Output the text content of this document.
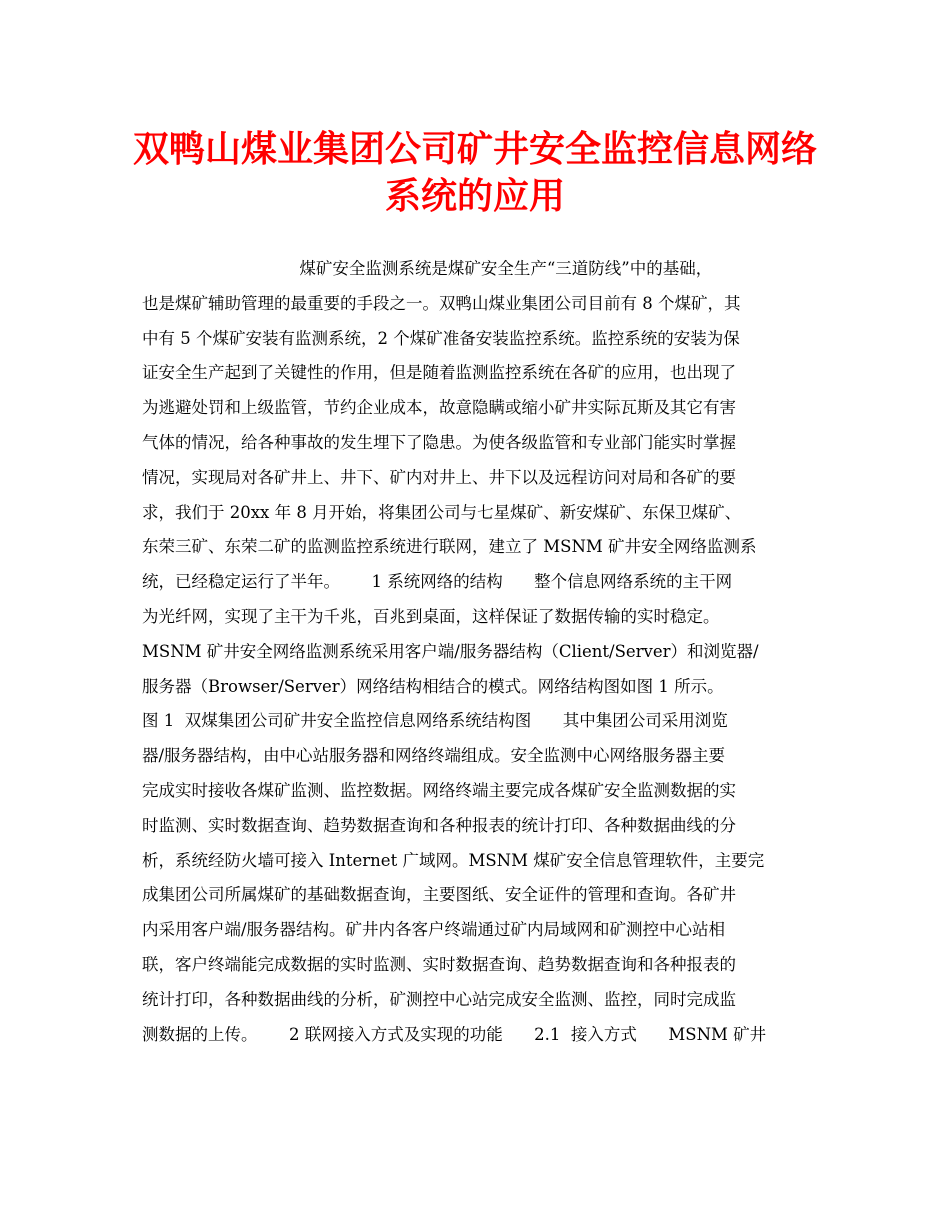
双鸭山煤业集团公司矿井安全监控信息网络
系统的应用
煤矿安全监测系统是煤矿安全生产“三道防线”中的基础，
也是煤矿辅助管理的最重要的手段之一。双鸭山煤业集团公司目前有 8 个煤矿，其
中有 5 个煤矿安装有监测系统，2 个煤矿准备安装监控系统。监控系统的安装为保
证安全生产起到了关键性的作用，但是随着监测监控系统在各矿的应用，也出现了
为逃避处罚和上级监管，节约企业成本，故意隐瞒或缩小矿井实际瓦斯及其它有害
气体的情况，给各种事故的发生埋下了隐患。为使各级监管和专业部门能实时掌握
情况，实现局对各矿井上、井下、矿内对井上、井下以及远程访问对局和各矿的要
求，我们于 20xx 年 8 月开始，将集团公司与七星煤矿、新安煤矿、东保卫煤矿、
东荣三矿、东荣二矿的监测监控系统进行联网，建立了 MSNM 矿井安全网络监测系
统，已经稳定运行了半年。      1 系统网络的结构      整个信息网络系统的主干网
为光纤网，实现了主干为千兆，百兆到桌面，这样保证了数据传输的实时稳定。
MSNM 矿井安全网络监测系统采用客户端/服务器结构（Client/Server）和浏览器/
服务器（Browser/Server）网络结构相结合的模式。网络结构图如图 1 所示。
图 1  双煤集团公司矿井安全监控信息网络系统结构图      其中集团公司采用浏览
器/服务器结构，由中心站服务器和网络终端组成。安全监测中心网络服务器主要
完成实时接收各煤矿监测、监控数据。网络终端主要完成各煤矿安全监测数据的实
时监测、实时数据查询、趋势数据查询和各种报表的统计打印、各种数据曲线的分
析，系统经防火墙可接入 Internet 广域网。MSNM 煤矿安全信息管理软件，主要完
成集团公司所属煤矿的基础数据查询，主要图纸、安全证件的管理和查询。各矿井
内采用客户端/服务器结构。矿井内各客户终端通过矿内局域网和矿测控中心站相
联，客户终端能完成数据的实时监测、实时数据查询、趋势数据查询和各种报表的
统计打印，各种数据曲线的分析，矿测控中心站完成安全监测、监控，同时完成监
测数据的上传。      2 联网接入方式及实现的功能      2.1  接入方式      MSNM 矿井
